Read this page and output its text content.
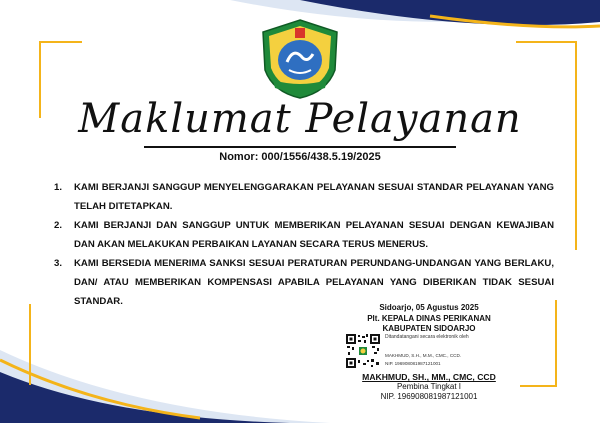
Maklumat Pelayanan
Nomor: 000/1556/438.5.19/2025
1. KAMI BERJANJI SANGGUP MENYELENGGARAKAN PELAYANAN SESUAI STANDAR PELAYANAN YANG TELAH DITETAPKAN.
2. KAMI BERJANJI DAN SANGGUP UNTUK MEMBERIKAN PELAYANAN SESUAI DENGAN KEWAJIBAN DAN AKAN MELAKUKAN PERBAIKAN LAYANAN SECARA TERUS MENERUS.
3. KAMI BERSEDIA MENERIMA SANKSI SESUAI PERATURAN PERUNDANG-UNDANGAN YANG BERLAKU, DAN/ ATAU MEMBERIKAN KOMPENSASI APABILA PELAYANAN YANG DIBERIKAN TIDAK SESUAI STANDAR.
Sidoarjo, 05 Agustus 2025
Plt. KEPALA DINAS PERIKANAN
KABUPATEN SIDOARJO
Ditandatangani secara elektronik oleh
MAKHMUD, S.H., M.M., CMC., CCD.
NIP. 196908081987121001
MAKHMUD, SH., MM., CMC, CCD
Pembina Tingkat I
NIP. 196908081987121001
